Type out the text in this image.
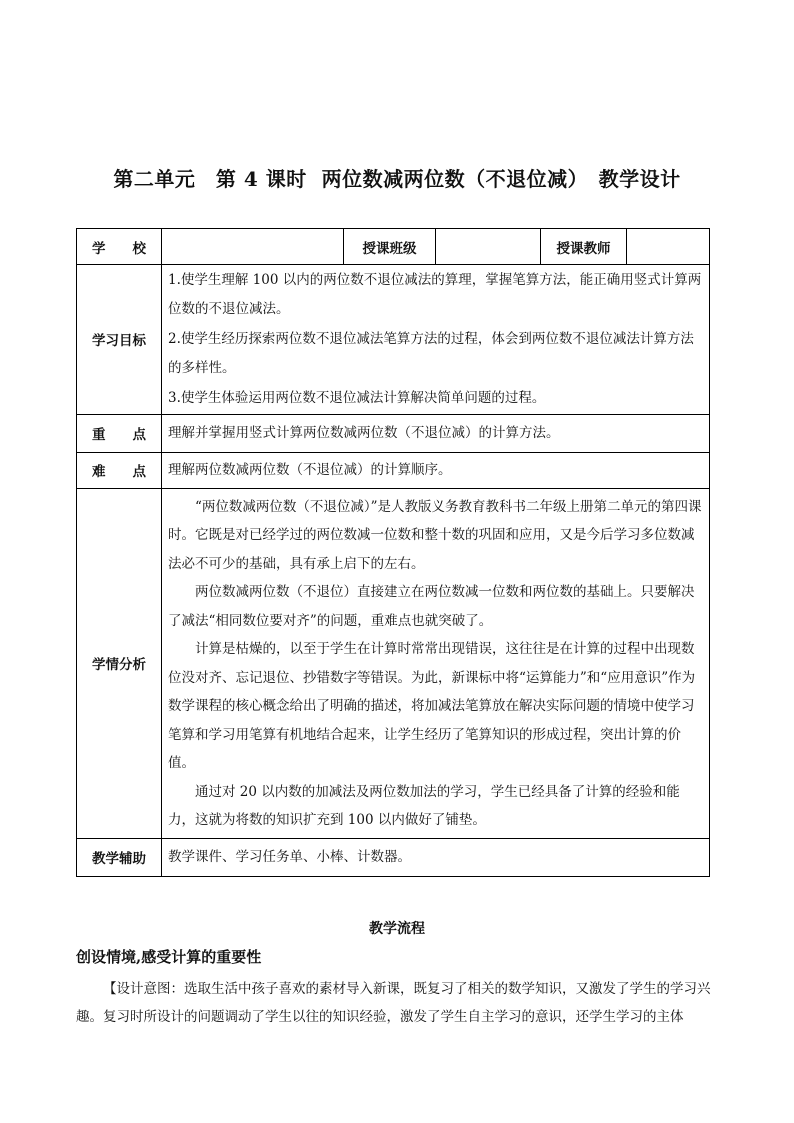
第二单元　第 4 课时  两位数减两位数（不退位减）　教学设计
学　　校		授课班级		授课教师	
学习目标	1.使学生理解 100 以内的两位数不退位减法的算理，掌握笔算方法，能正确用竖式计算两位数的不退位减法。
2.使学生经历探索两位数不退位减法笔算方法的过程，体会到两位数不退位减法计算方法的多样性。
3.使学生体验运用两位数不退位减法计算解决简单问题的过程。				

重　　点	理解并掌握用竖式计算两位数减两位数（不退位减）的计算方法。				
难　　点	理解两位数减两位数（不退位减）的计算顺序。				
学情分析	“两位数减两位数（不退位减）”是人教版义务教育教科书二年级上册第二单元的第四课时。它既是对已经学过的两位数减一位数和整十数的巩固和应用，又是今后学习多位数减法必不可少的基础，具有承上启下的左右。
两位数减两位数（不退位）直接建立在两位数减一位数和两位数的基础上。只要解决了减法“相同数位要对齐”的问题，重难点也就突破了。
计算是枯燥的，以至于学生在计算时常常出现错误，这往往是在计算的过程中出现数位没对齐、忘记退位、抄错数字等错误。为此，新课标中将“运算能力”和“应用意识”作为数学课程的核心概念给出了明确的描述，将加减法笔算放在解决实际问题的情境中使学习笔算和学习用笔算有机地结合起来，让学生经历了笔算知识的形成过程，突出计算的价值。
通过对 20 以内数的加减法及两位数加法的学习，学生已经具备了计算的经验和能力，这就为将数的知识扩充到 100 以内做好了铺垫。				

教学辅助	教学课件、学习任务单、小棒、计数器。				
教学流程
创设情境,感受计算的重要性
【设计意图：选取生活中孩子喜欢的素材导入新课，既复习了相关的数学知识，又激发了学生的学习兴趣。复习时所设计的问题调动了学生以往的知识经验，激发了学生自主学习的意识，还学生学习的主体
